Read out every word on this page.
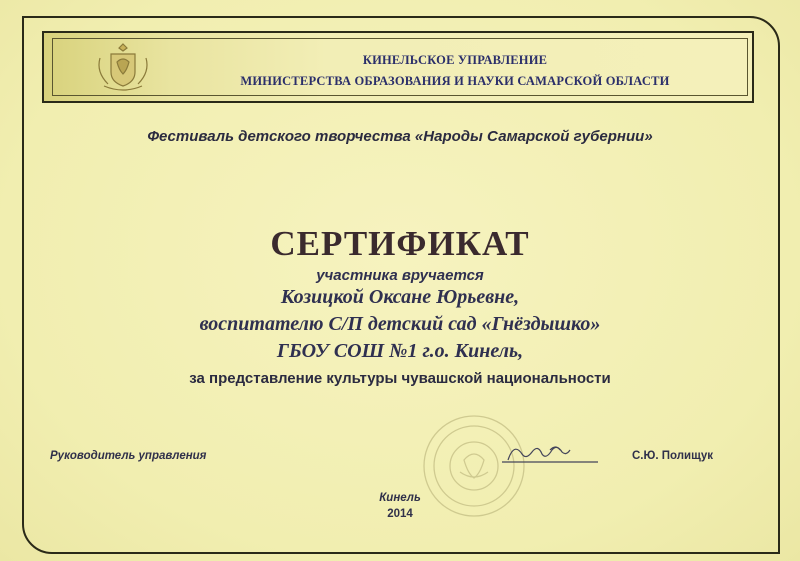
КИНЕЛЬСКОЕ УПРАВЛЕНИЕ
МИНИСТЕРСТВА ОБРАЗОВАНИЯ И НАУКИ САМАРСКОЙ ОБЛАСТИ
Фестиваль детского творчества «Народы Самарской губернии»
СЕРТИФИКАТ
участника вручается
Козицкой Оксане Юрьевне,
воспитателю С/П детский сад «Гнёздышко»
ГБОУ СОШ №1 г.о. Кинель,
за представление культуры чувашской национальности
Руководитель управления	С.Ю. Полищук
Кинель
2014
